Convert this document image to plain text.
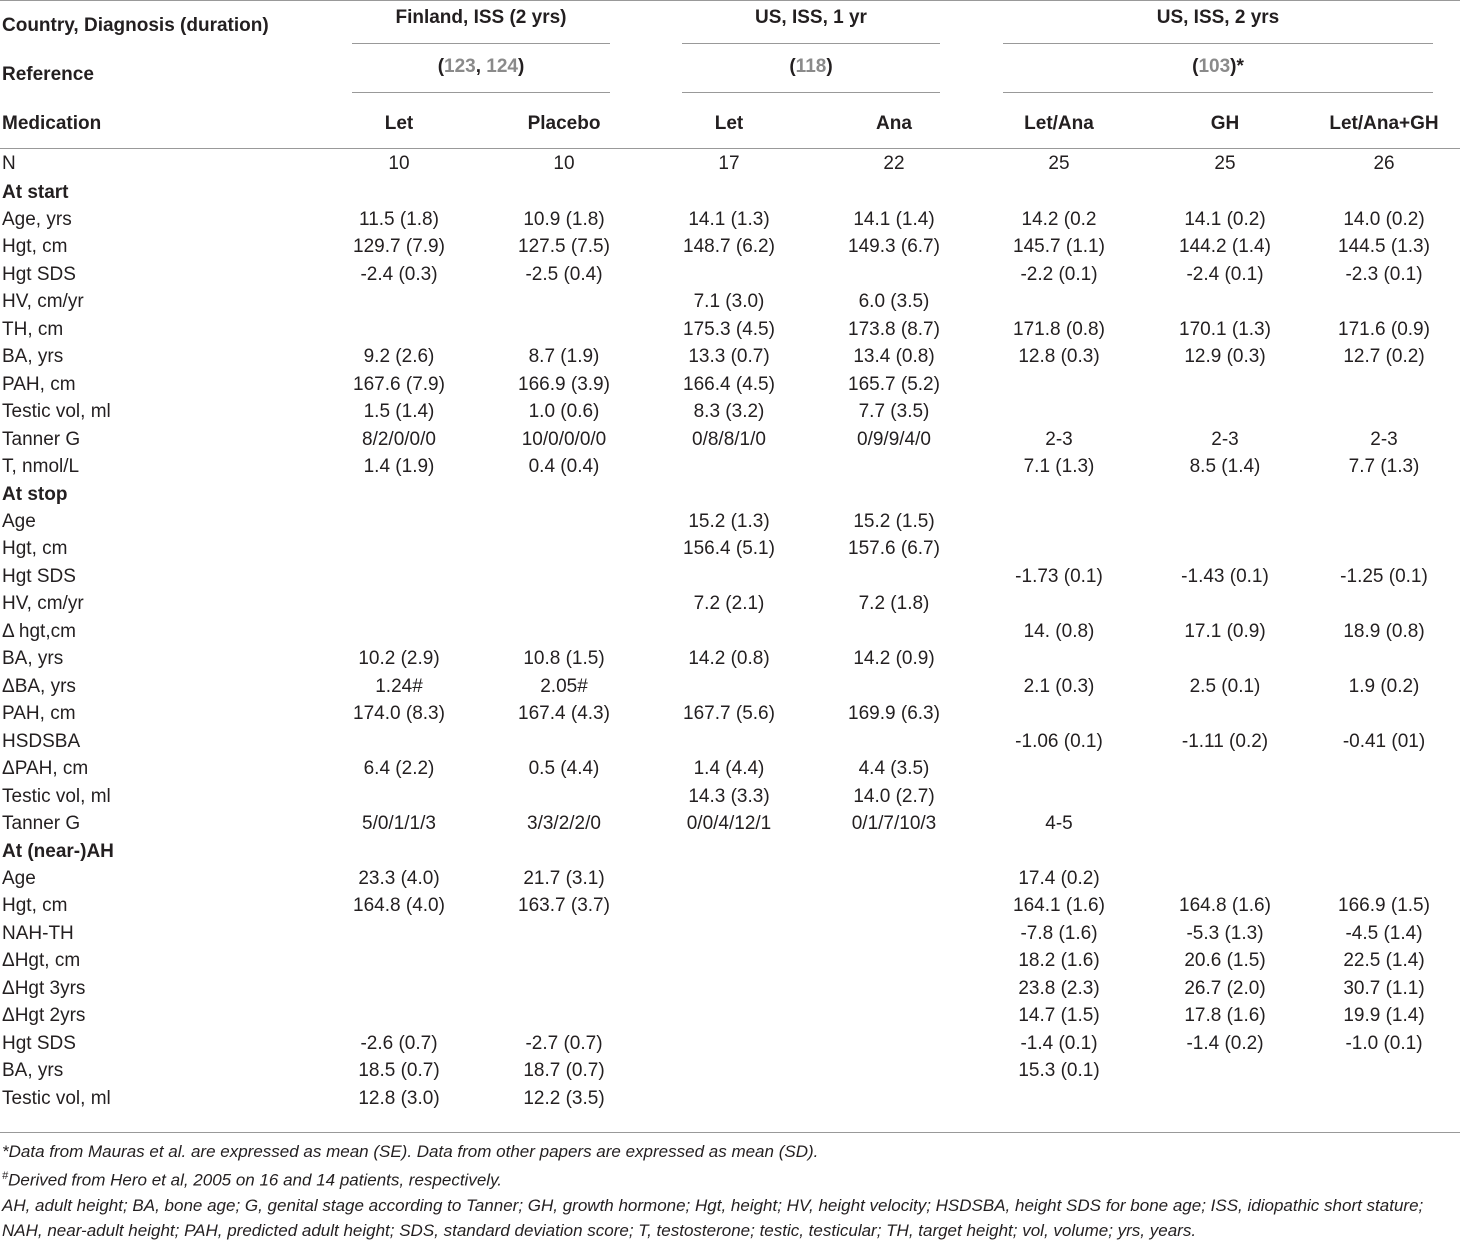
Country, Diagnosis (duration)	Finland, ISS (2 yrs)		US, ISS, 1 yr		US, ISS, 2 yrs		
Reference	(123, 124)		(118)		(103)*		
Medication	Let	Placebo	Let	Ana	Let/Ana	GH	Let/Ana+GH
N	10	10	17	22	25	25	26
At start							
Age, yrs	11.5 (1.8)	10.9 (1.8)	14.1 (1.3)	14.1 (1.4)	14.2 (0.2	14.1 (0.2)	14.0 (0.2)
Hgt, cm	129.7 (7.9)	127.5 (7.5)	148.7 (6.2)	149.3 (6.7)	145.7 (1.1)	144.2 (1.4)	144.5 (1.3)
Hgt SDS	-2.4 (0.3)	-2.5 (0.4)			-2.2 (0.1)	-2.4 (0.1)	-2.3 (0.1)
HV, cm/yr			7.1 (3.0)	6.0 (3.5)			
TH, cm			175.3 (4.5)	173.8 (8.7)	171.8 (0.8)	170.1 (1.3)	171.6 (0.9)
BA, yrs	9.2 (2.6)	8.7 (1.9)	13.3 (0.7)	13.4 (0.8)	12.8 (0.3)	12.9 (0.3)	12.7 (0.2)
PAH, cm	167.6 (7.9)	166.9 (3.9)	166.4 (4.5)	165.7 (5.2)			
Testic vol, ml	1.5 (1.4)	1.0 (0.6)	8.3 (3.2)	7.7 (3.5)			
Tanner G	8/2/0/0/0	10/0/0/0/0	0/8/8/1/0	0/9/9/4/0	2-3	2-3	2-3
T, nmol/L	1.4 (1.9)	0.4 (0.4)			7.1 (1.3)	8.5 (1.4)	7.7 (1.3)
At stop							
Age			15.2 (1.3)	15.2 (1.5)			
Hgt, cm			156.4 (5.1)	157.6 (6.7)			
Hgt SDS					-1.73 (0.1)	-1.43 (0.1)	-1.25 (0.1)
HV, cm/yr			7.2 (2.1)	7.2 (1.8)			
Δ hgt,cm					14. (0.8)	17.1 (0.9)	18.9 (0.8)
BA, yrs	10.2 (2.9)	10.8 (1.5)	14.2 (0.8)	14.2 (0.9)			
ΔBA, yrs	1.24#	2.05#			2.1 (0.3)	2.5 (0.1)	1.9 (0.2)
PAH, cm	174.0 (8.3)	167.4 (4.3)	167.7 (5.6)	169.9 (6.3)			
HSDSBA					-1.06 (0.1)	-1.11 (0.2)	-0.41 (01)
ΔPAH, cm	6.4 (2.2)	0.5 (4.4)	1.4 (4.4)	4.4 (3.5)			
Testic vol, ml			14.3 (3.3)	14.0 (2.7)			
Tanner G	5/0/1/1/3	3/3/2/2/0	0/0/4/12/1	0/1/7/10/3	4-5		
At (near-)AH							
Age	23.3 (4.0)	21.7 (3.1)			17.4 (0.2)		
Hgt, cm	164.8 (4.0)	163.7 (3.7)			164.1 (1.6)	164.8 (1.6)	166.9 (1.5)
NAH-TH					-7.8 (1.6)	-5.3 (1.3)	-4.5 (1.4)
ΔHgt, cm					18.2 (1.6)	20.6 (1.5)	22.5 (1.4)
ΔHgt 3yrs					23.8 (2.3)	26.7 (2.0)	30.7 (1.1)
ΔHgt 2yrs					14.7 (1.5)	17.8 (1.6)	19.9 (1.4)
Hgt SDS	-2.6 (0.7)	-2.7 (0.7)			-1.4 (0.1)	-1.4 (0.2)	-1.0 (0.1)
BA, yrs	18.5 (0.7)	18.7 (0.7)			15.3 (0.1)		
Testic vol, ml	12.8 (3.0)	12.2 (3.5)					

*Data from Mauras et al. are expressed as mean (SE). Data from other papers are expressed as mean (SD).

#Derived from Hero et al, 2005 on 16 and 14 patients, respectively.

AH, adult height; BA, bone age; G, genital stage according to Tanner; GH, growth hormone; Hgt, height; HV, height velocity; HSDSBA, height SDS for bone age; ISS, idiopathic short stature; NAH, near-adult height; PAH, predicted adult height; SDS, standard deviation score; T, testosterone; testic, testicular; TH, target height; vol, volume; yrs, years.
